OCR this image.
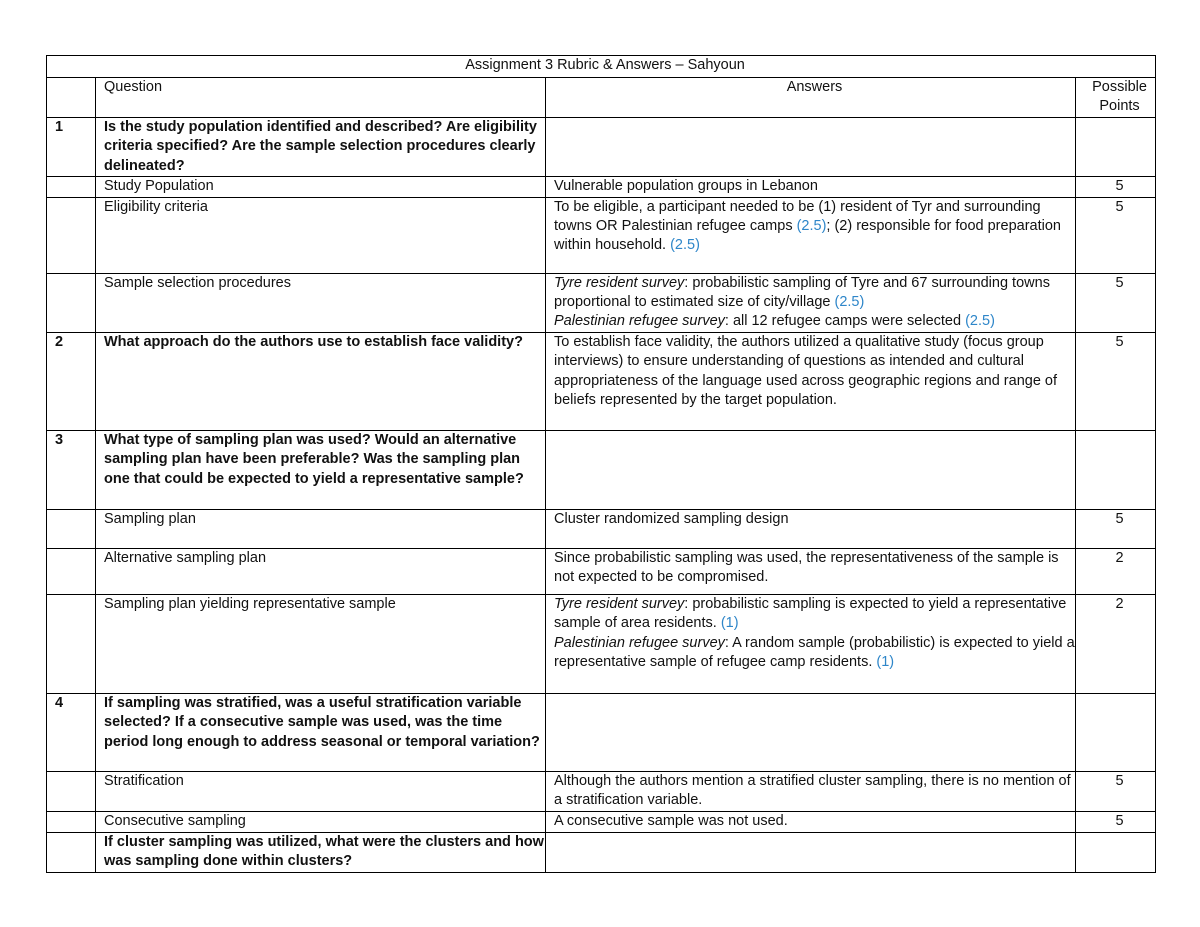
Assignment 3 Rubric & Answers – Sahyoun			
	Question	Answers	Possible Points
1	Is the study population identified and described? Are eligibility criteria specified? Are the sample selection procedures clearly delineated?		
	Study Population	Vulnerable population groups in Lebanon	5
	Eligibility criteria	To be eligible, a participant needed to be (1) resident of Tyr and surrounding towns OR Palestinian refugee camps (2.5); (2) responsible for food preparation within household. (2.5)	5
	Sample selection procedures	Tyre resident survey: probabilistic sampling of Tyre and 67 surrounding towns proportional to estimated size of city/village (2.5)
Palestinian refugee survey: all 12 refugee camps were selected (2.5)	5
2	What approach do the authors use to establish face validity?	To establish face validity, the authors utilized a qualitative study (focus group interviews) to ensure understanding of questions as intended and cultural appropriateness of the language used across geographic regions and range of beliefs represented by the target population.	5
3	What type of sampling plan was used? Would an alternative sampling plan have been preferable? Was the sampling plan one that could be expected to yield a representative sample?		
	Sampling plan	Cluster randomized sampling design	5
	Alternative sampling plan	Since probabilistic sampling was used, the representativeness of the sample is not expected to be compromised.	2
	Sampling plan yielding representative sample	Tyre resident survey: probabilistic sampling is expected to yield a representative sample of area residents. (1)
Palestinian refugee survey: A random sample (probabilistic) is expected to yield a representative sample of refugee camp residents. (1)	2
4	If sampling was stratified, was a useful stratification variable selected? If a consecutive sample was used, was the time period long enough to address seasonal or temporal variation?		
	Stratification	Although the authors mention a stratified cluster sampling, there is no mention of a stratification variable.	5
	Consecutive sampling	A consecutive sample was not used.	5
	If cluster sampling was utilized, what were the clusters and how was sampling done within clusters?		
